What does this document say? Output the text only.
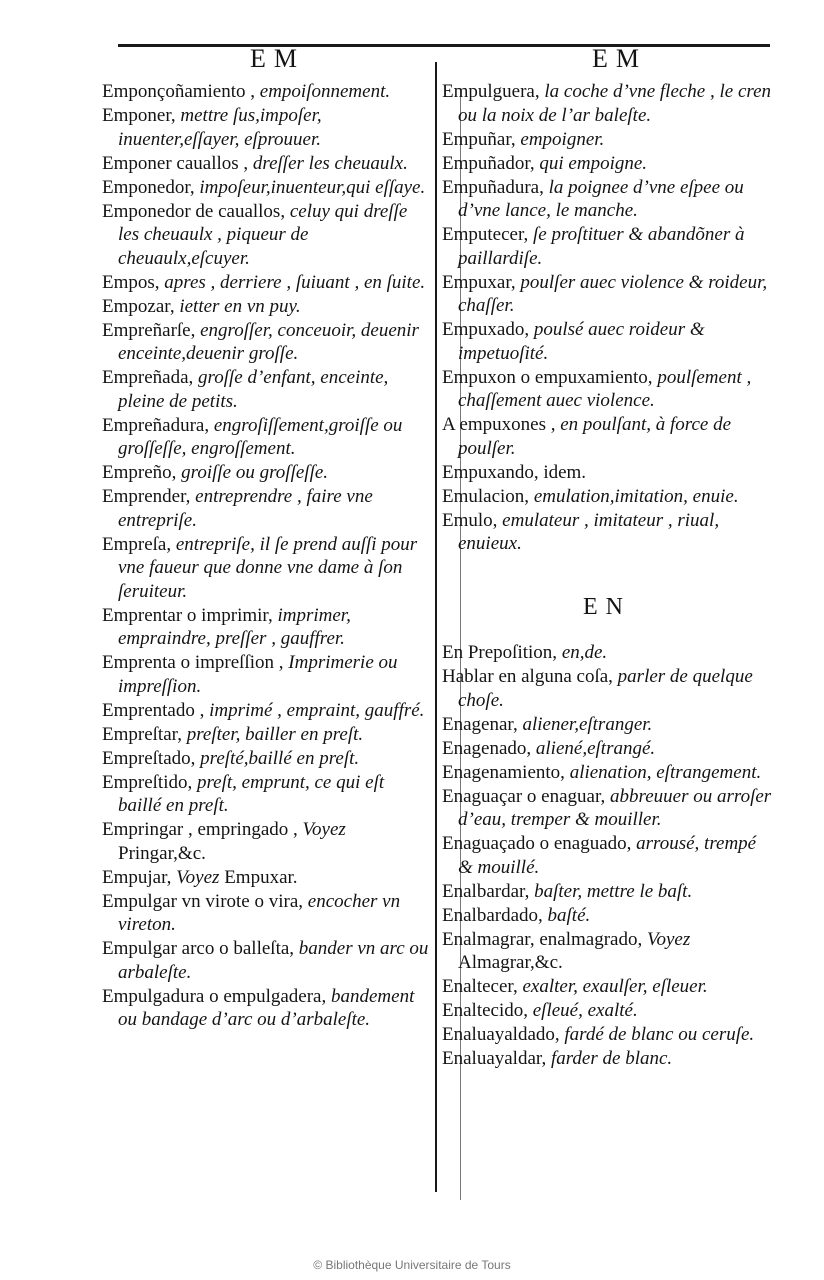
EM	EM
Emponçoñamiento , empoiſonnement.
Emponer, mettre ſus,impoſer, inuenter,eſſayer, eſprouuer.
Emponer cauallos , dreſſer les cheuaulx.
Emponedor, impoſeur,inuenteur,qui eſſaye.
Emponedor de cauallos, celuy qui dreſſe les cheuaulx , piqueur de cheuaulx,eſcuyer.
Empos, apres , derriere , ſuiuant , en ſuite.
Empozar, ietter en vn puy.
Empreñarſe, engroſſer, conceuoir, deuenir enceinte,deuenir groſſe.
Empreñada, groſſe d’enfant, enceinte, pleine de petits.
Empreñadura, engroſiſſement,groiſſe ou groſſeſſe, engroſſement.
Empreño, groiſſe ou groſſeſſe.
Emprender, entreprendre , faire vne entrepriſe.
Empreſa, entrepriſe, il ſe prend auſſi pour vne faueur que donne vne dame à ſon ſeruiteur.
Emprentar o imprimir, imprimer, empraindre, preſſer , gauffrer.
Emprenta o impreſſion , Imprimerie ou impreſſion.
Emprentado , imprimé , empraint, gauffré.
Empreſtar, preſter, bailler en preſt.
Empreſtado, preſté,baillé en preſt.
Empreſtido, preſt, emprunt, ce qui eſt baillé en preſt.
Empringar , empringado , Voyez Pringar,&c.
Empujar, Voyez Empuxar.
Empulgar vn virote o vira, encocher vn vireton.
Empulgar arco o balleſta, bander vn arc ou arbaleſte.
Empulgadura o empulgadera, bandement ou bandage d’arc ou d’arbaleſte.
Empulguera, la coche d’vne fleche , le cren ou la noix de l’ar baleſte.
Empuñar, empoigner.
Empuñador, qui empoigne.
Empuñadura, la poignee d’vne eſpee ou d’vne lance, le manche.
Emputecer, ſe proſtituer & abandõner à paillardiſe.
Empuxar, poulſer auec violence & roideur, chaſſer.
Empuxado, poulsé auec roideur & impetuoſité.
Empuxon o empuxamiento, poulſement , chaſſement auec violence.
A empuxones , en poulſant, à force de poulſer.
Empuxando, idem.
Emulacion, emulation,imitation, enuie.
Emulo, emulateur , imitateur , riual, enuieux.
EN
En Prepoſition, en,de.
Hablar en alguna coſa, parler de quelque choſe.
Enagenar, aliener,eſtranger.
Enagenado, aliené,eſtrangé.
Enagenamiento, alienation, eſtrangement.
Enaguaçar o enaguar, abbreuuer ou arroſer d’eau, tremper & mouiller.
Enaguaçado o enaguado, arrousé, trempé & mouillé.
Enalbardar, baſter, mettre le baſt.
Enalbardado, baſté.
Enalmagrar, enalmagrado, Voyez Almagrar,&c.
Enaltecer, exalter, exaulſer, eſleuer.
Enaltecido, eſleué, exalté.
Enaluayaldado, fardé de blanc ou ceruſe.
Enaluayaldar, farder de blanc.
© Bibliothèque Universitaire de Tours
